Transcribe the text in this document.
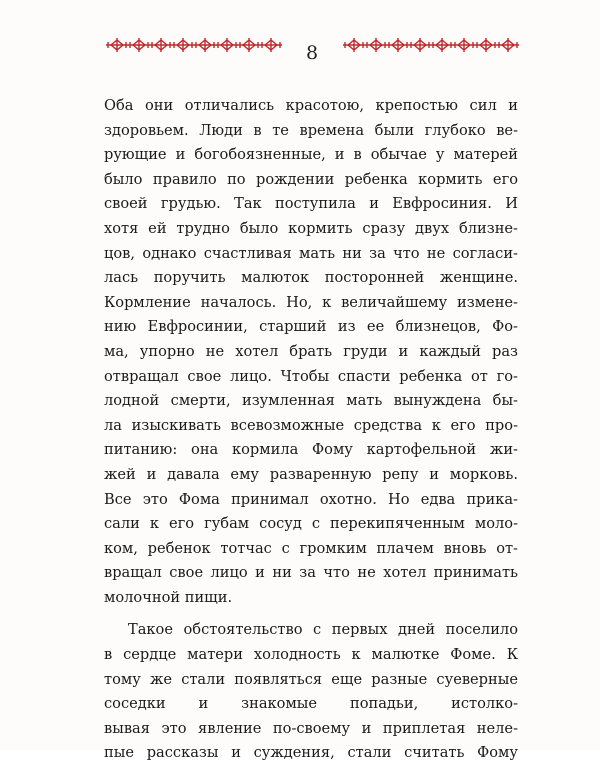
8
Оба они отличались красотою, крепостью сил и
здоровьем. Люди в те времена были глубоко ве-
рующие и богобоязненные, и в обычае у матерей
было правило по рождении ребенка кормить его
своей грудью. Так поступила и Евфросиния. И
хотя ей трудно было кормить сразу двух близне-
цов, однако счастливая мать ни за что не согласи-
лась поручить малюток посторонней женщине.
Кормление началось. Но, к величайшему измене-
нию Евфросинии, старший из ее близнецов, Фо-
ма, упорно не хотел брать груди и каждый раз
отвращал свое лицо. Чтобы спасти ребенка от го-
лодной смерти, изумленная мать вынуждена бы-
ла изыскивать всевозможные средства к его про-
питанию: она кормила Фому картофельной жи-
жей и давала ему разваренную репу и морковь.
Все это Фома принимал охотно. Но едва прика-
сали к его губам сосуд с перекипяченным моло-
ком, ребенок тотчас с громким плачем вновь от-
вращал свое лицо и ни за что не хотел принимать
молочной пищи.
Такое обстоятельство с первых дней поселило
в сердце матери холодность к малютке Фоме. К
тому же стали появляться еще разные суеверные
соседки и знакомые попадьи, истолко-
вывая это явление по-своему и приплетая неле-
пые рассказы и суждения, стали считать Фому
